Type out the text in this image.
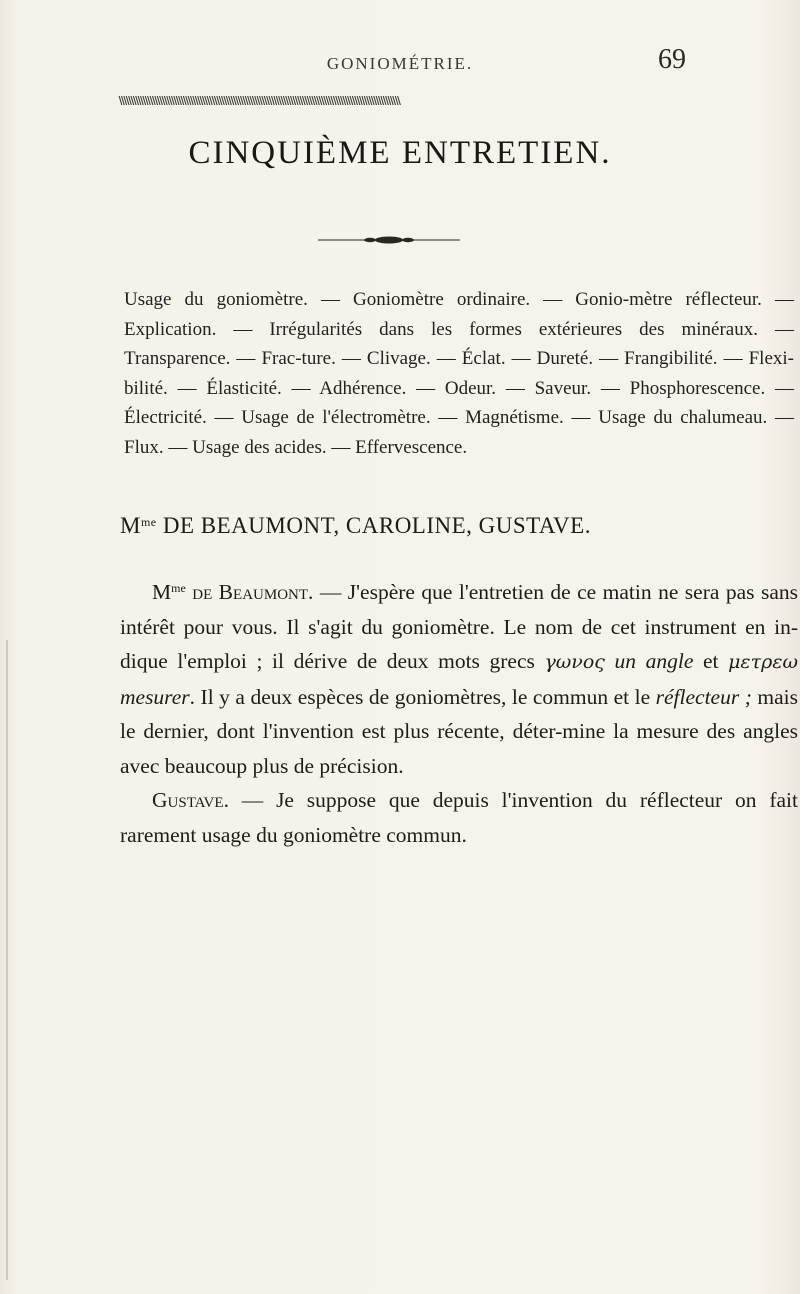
GONIOMÉTRIE.	69
\\\\\\\\\\\\\\\\\\\\\\\\\\\\\\\\\\\\\\\\\\\\\\\\\\\\\\\\\\\\\\\\\\\\\\\\\\\\\\\\\\\\\\\\\\\\\\\\\\\\\\\\\\\\\\\\\\\\\\
CINQUIÈME ENTRETIEN.
Usage du goniomètre. — Goniomètre ordinaire. — Gonio-mètre réflecteur. — Explication. — Irrégularités dans les formes extérieures des minéraux. — Transparence. — Frac-ture. — Clivage. — Éclat. — Dureté. — Frangibilité. — Flexi-bilité. — Élasticité. — Adhérence. — Odeur. — Saveur. — Phosphorescence. — Électricité. — Usage de l'électromètre. — Magnétisme. — Usage du chalumeau. — Flux. — Usage des acides. — Effervescence.
$M^{me}$ DE BEAUMONT, CAROLINE, GUSTAVE.

$M^{me}$ de Beaumont. — J'espère que l'entretien de ce matin ne sera pas sans intérêt pour vous. Il s'agit du goniomètre. Le nom de cet instrument en in-dique l'emploi ; il dérive de deux mots grecs γωνος un angle et μετρεω mesurer. Il y a deux espèces de goniomètres, le commun et le réflecteur ; mais le dernier, dont l'invention est plus récente, déter-mine la mesure des angles avec beaucoup plus de précision.

Gustave. — Je suppose que depuis l'invention du réflecteur on fait rarement usage du goniomètre commun.
